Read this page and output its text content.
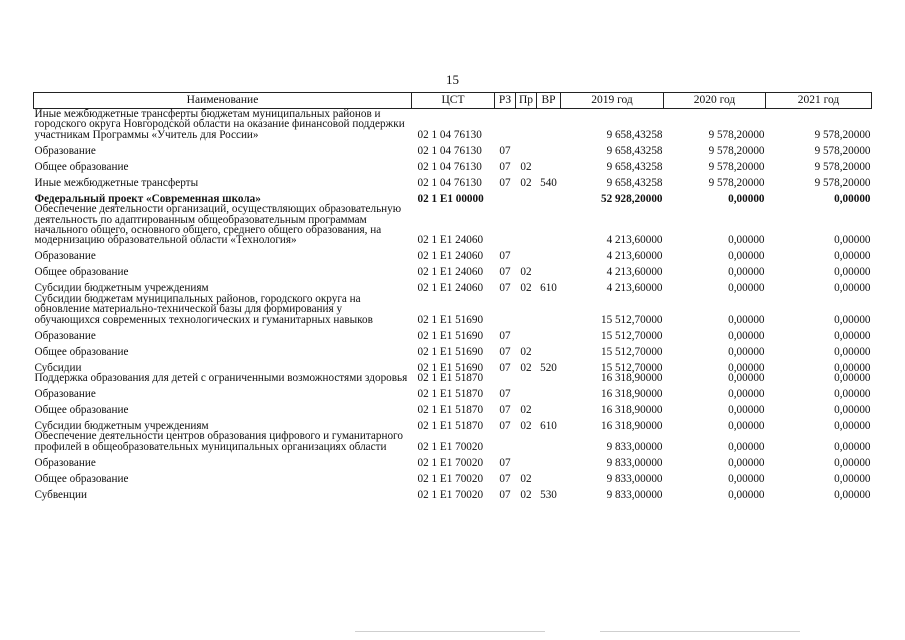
15
Наименование	ЦСТ	РЗ	Пр	ВР	2019 год	2020 год	2021 год
Иные межбюджетные трансферты бюджетам муниципальных районов и городского округа Новгородской области на оказание финансовой поддержки участникам Программы «Учитель для России»	02 1 04 76130				9 658,43258	9 578,20000	9 578,20000
Образование	02 1 04 76130	07			9 658,43258	9 578,20000	9 578,20000
Общее образование	02 1 04 76130	07	02		9 658,43258	9 578,20000	9 578,20000
Иные межбюджетные трансферты	02 1 04 76130	07	02	540	9 658,43258	9 578,20000	9 578,20000
Федеральный проект «Современная школа»	02 1 E1 00000				52 928,20000	0,00000	0,00000
Обеспечение деятельности организаций, осуществляющих образовательную деятельность по адаптированным общеобразовательным программам начального общего, основного общего, среднего общего образования, на модернизацию образовательной области «Технология»	02 1 E1 24060				4 213,60000	0,00000	0,00000
Образование	02 1 E1 24060	07			4 213,60000	0,00000	0,00000
Общее образование	02 1 E1 24060	07	02		4 213,60000	0,00000	0,00000
Субсидии бюджетным учреждениям	02 1 E1 24060	07	02	610	4 213,60000	0,00000	0,00000
Субсидии бюджетам муниципальных районов, городского округа на обновление материально-технической базы для формирования у обучающихся современных технологических и гуманитарных навыков	02 1 E1 51690				15 512,70000	0,00000	0,00000
Образование	02 1 E1 51690	07			15 512,70000	0,00000	0,00000
Общее образование	02 1 E1 51690	07	02		15 512,70000	0,00000	0,00000
Субсидии	02 1 E1 51690	07	02	520	15 512,70000	0,00000	0,00000
Поддержка образования для детей с ограниченными возможностями здоровья	02 1 E1 51870				16 318,90000	0,00000	0,00000
Образование	02 1 E1 51870	07			16 318,90000	0,00000	0,00000
Общее образование	02 1 E1 51870	07	02		16 318,90000	0,00000	0,00000
Субсидии бюджетным учреждениям	02 1 E1 51870	07	02	610	16 318,90000	0,00000	0,00000
Обеспечение деятельности центров образования цифрового и гуманитарного профилей в общеобразовательных муниципальных организациях области	02 1 E1 70020				9 833,00000	0,00000	0,00000
Образование	02 1 E1 70020	07			9 833,00000	0,00000	0,00000
Общее образование	02 1 E1 70020	07	02		9 833,00000	0,00000	0,00000
Субвенции	02 1 E1 70020	07	02	530	9 833,00000	0,00000	0,00000
